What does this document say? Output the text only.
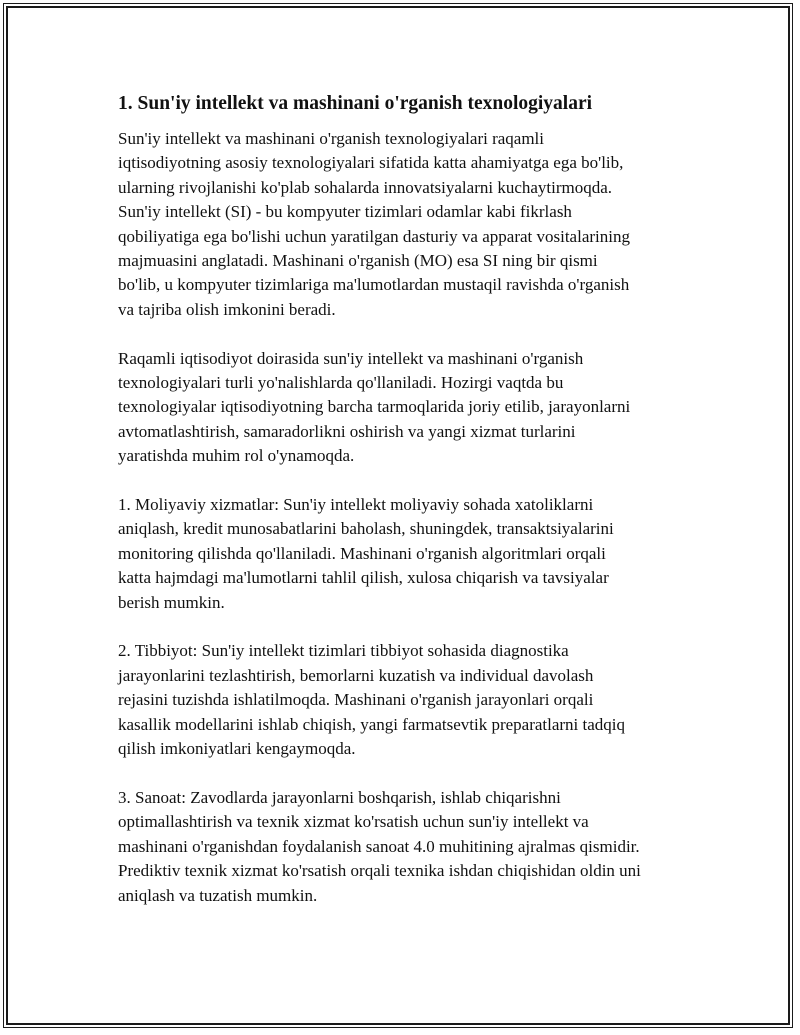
1. Sun'iy intellekt va mashinani o'rganish texnologiyalari

Sun'iy intellekt va mashinani o'rganish texnologiyalari raqamli
iqtisodiyotning asosiy texnologiyalari sifatida katta ahamiyatga ega bo'lib,
ularning rivojlanishi ko'plab sohalarda innovatsiyalarni kuchaytirmoqda.
Sun'iy intellekt (SI) - bu kompyuter tizimlari odamlar kabi fikrlash
qobiliyatiga ega bo'lishi uchun yaratilgan dasturiy va apparat vositalarining
majmuasini anglatadi. Mashinani o'rganish (MO) esa SI ning bir qismi
bo'lib, u kompyuter tizimlariga ma'lumotlardan mustaqil ravishda o'rganish
va tajriba olish imkonini beradi.

Raqamli iqtisodiyot doirasida sun'iy intellekt va mashinani o'rganish
texnologiyalari turli yo'nalishlarda qo'llaniladi. Hozirgi vaqtda bu
texnologiyalar iqtisodiyotning barcha tarmoqlarida joriy etilib, jarayonlarni
avtomatlashtirish, samaradorlikni oshirish va yangi xizmat turlarini
yaratishda muhim rol o'ynamoqda.

1. Moliyaviy xizmatlar: Sun'iy intellekt moliyaviy sohada xatoliklarni
aniqlash, kredit munosabatlarini baholash, shuningdek, transaktsiyalarini
monitoring qilishda qo'llaniladi. Mashinani o'rganish algoritmlari orqali
katta hajmdagi ma'lumotlarni tahlil qilish, xulosa chiqarish va tavsiyalar
berish mumkin.

2. Tibbiyot: Sun'iy intellekt tizimlari tibbiyot sohasida diagnostika
jarayonlarini tezlashtirish, bemorlarni kuzatish va individual davolash
rejasini tuzishda ishlatilmoqda. Mashinani o'rganish jarayonlari orqali
kasallik modellarini ishlab chiqish, yangi farmatsevtik preparatlarni tadqiq
qilish imkoniyatlari kengaymoqda.

3. Sanoat: Zavodlarda jarayonlarni boshqarish, ishlab chiqarishni
optimallashtirish va texnik xizmat ko'rsatish uchun sun'iy intellekt va
mashinani o'rganishdan foydalanish sanoat 4.0 muhitining ajralmas qismidir.
Prediktiv texnik xizmat ko'rsatish orqali texnika ishdan chiqishidan oldin uni
aniqlash va tuzatish mumkin.
